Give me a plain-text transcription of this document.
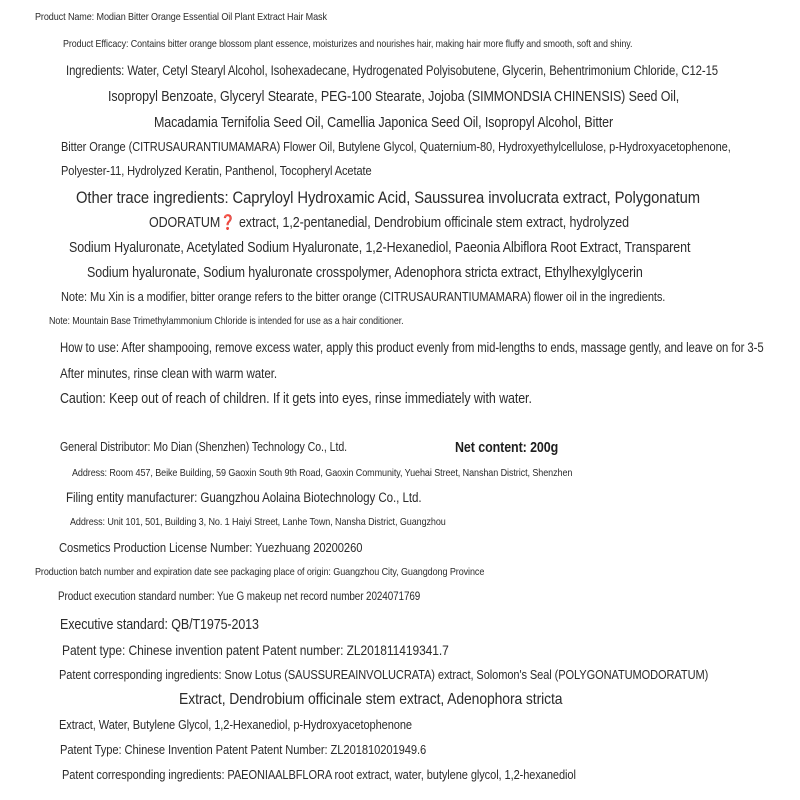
Product Name: Modian Bitter Orange Essential Oil Plant Extract Hair Mask
Product Efficacy: Contains bitter orange blossom plant essence, moisturizes and nourishes hair, making hair more fluffy and smooth, soft and shiny.
Ingredients: Water, Cetyl Stearyl Alcohol, Isohexadecane, Hydrogenated Polyisobutene, Glycerin, Behentrimonium Chloride, C12-15
Isopropyl Benzoate, Glyceryl Stearate, PEG-100 Stearate, Jojoba (SIMMONDSIA CHINENSIS) Seed Oil,
Macadamia Ternifolia Seed Oil, Camellia Japonica Seed Oil, Isopropyl Alcohol, Bitter
Bitter Orange (CITRUSAURANTIUMAMARA) Flower Oil, Butylene Glycol, Quaternium-80, Hydroxyethylcellulose, p-Hydroxyacetophenone,
Polyester-11, Hydrolyzed Keratin, Panthenol, Tocopheryl Acetate
Other trace ingredients: Capryloyl Hydroxamic Acid, Saussurea involucrata extract, Polygonatum
ODORATUM❓ extract, 1,2-pentanedial, Dendrobium officinale stem extract, hydrolyzed
Sodium Hyaluronate, Acetylated Sodium Hyaluronate, 1,2-Hexanediol, Paeonia Albiflora Root Extract, Transparent
Sodium hyaluronate, Sodium hyaluronate crosspolymer, Adenophora stricta extract, Ethylhexylglycerin
Note: Mu Xin is a modifier, bitter orange refers to the bitter orange (CITRUSAURANTIUMAMARA) flower oil in the ingredients.
Note: Mountain Base Trimethylammonium Chloride is intended for use as a hair conditioner.
How to use: After shampooing, remove excess water, apply this product evenly from mid-lengths to ends, massage gently, and leave on for 3-5
After minutes, rinse clean with warm water.
Caution: Keep out of reach of children. If it gets into eyes, rinse immediately with water.
General Distributor: Mo Dian (Shenzhen) Technology Co., Ltd.	Net content: 200g
Address: Room 457, Beike Building, 59 Gaoxin South 9th Road, Gaoxin Community, Yuehai Street, Nanshan District, Shenzhen
Filing entity manufacturer: Guangzhou Aolaina Biotechnology Co., Ltd.
Address: Unit 101, 501, Building 3, No. 1 Haiyi Street, Lanhe Town, Nansha District, Guangzhou
Cosmetics Production License Number: Yuezhuang 20200260
Production batch number and expiration date see packaging place of origin: Guangzhou City, Guangdong Province
Product execution standard number: Yue G makeup net record number 2024071769
Executive standard: QB/T1975-2013
Patent type: Chinese invention patent Patent number: ZL201811419341.7
Patent corresponding ingredients: Snow Lotus (SAUSSUREAINVOLUCRATA) extract, Solomon's Seal (POLYGONATUMODORATUM)
Extract, Dendrobium officinale stem extract, Adenophora stricta
Extract, Water, Butylene Glycol, 1,2-Hexanediol, p-Hydroxyacetophenone
Patent Type: Chinese Invention Patent Patent Number: ZL201810201949.6
Patent corresponding ingredients: PAEONIAALBFLORA root extract, water, butylene glycol, 1,2-hexanediol
